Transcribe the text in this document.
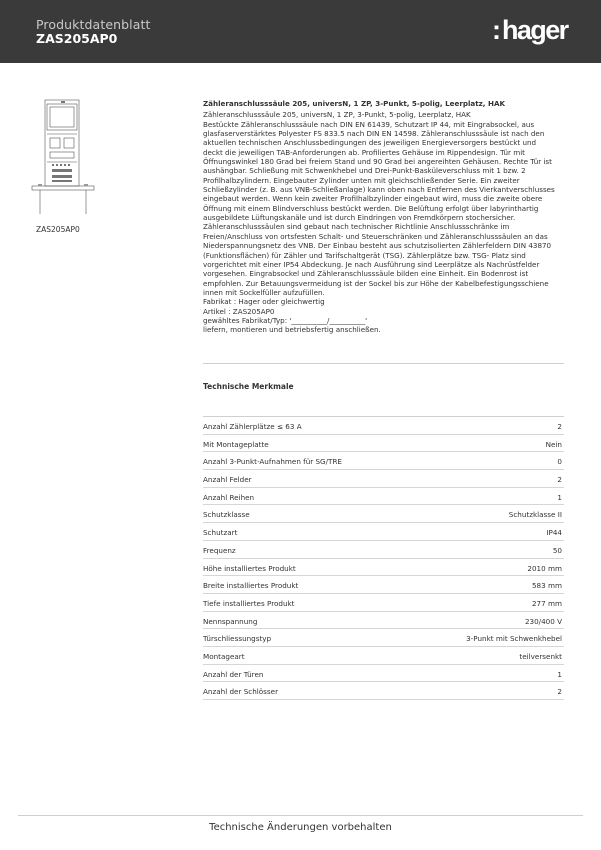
Produktdatenblatt
ZAS205AP0	:hager
ZAS205AP0
Zähleranschlusssäule 205, universN, 1 ZP, 3-Punkt, 5-polig, Leerplatz, HAK
Zähleranschlusssäule 205, universN, 1 ZP, 3-Punkt, 5-polig, Leerplatz, HAK
Bestückte Zähleranschlusssäule nach DIN EN 61439, Schutzart IP 44, mit Eingrabsockel, aus
glasfaserverstärktes Polyester FS 833.5 nach DIN EN 14598. Zähleranschlusssäule ist nach den
aktuellen technischen Anschlussbedingungen des jeweiligen Energieversorgers bestückt und
deckt die jeweiligen TAB-Anforderungen ab. Profiliertes Gehäuse im Rippendesign. Tür mit
Öffnungswinkel 180 Grad bei freiem Stand und 90 Grad bei angereihten Gehäusen. Rechte Tür ist
aushängbar. Schließung mit Schwenkhebel und Drei-Punkt-Basküleverschluss mit 1 bzw. 2
Profilhalbzylindern. Eingebauter Zylinder unten mit gleichschließender Serie. Ein zweiter
Schließzylinder (z. B. aus VNB-Schließanlage) kann oben nach Entfernen des Vierkantverschlusses
eingebaut werden. Wenn kein zweiter Profilhalbzylinder eingebaut wird, muss die zweite obere
Öffnung mit einem Blindverschluss bestückt werden. Die Belüftung erfolgt über labyrinthartig
ausgebildete Lüftungskanäle und ist durch Eindringen von Fremdkörpern stochersicher.
Zähleranschlusssäulen sind gebaut nach technischer Richtlinie Anschlussschränke im
Freien/Anschluss von ortsfesten Schalt- und Steuerschränken und Zähleranschlusssäulen an das
Niederspannungsnetz des VNB. Der Einbau besteht aus schutzisolierten Zählerfeldern DIN 43870
(Funktionsflächen) für Zähler und Tarifschaltgerät (TSG). Zählerplätze bzw. TSG- Platz sind
vorgerichtet mit einer IP54 Abdeckung. Je nach Ausführung sind Leerplätze als Nachrüstfelder
vorgesehen. Eingrabsockel und Zähleranschlusssäule bilden eine Einheit. Ein Bodenrost ist
empfohlen. Zur Betauungsvermeidung ist der Sockel bis zur Höhe der Kabelbefestigungsschiene
innen mit Sockelfüller aufzufüllen.
Fabrikat : Hager oder gleichwertig
Artikel : ZAS205AP0
gewähltes Fabrikat/Typ: '__________/__________'
liefern, montieren und betriebsfertig anschließen.
Technische Merkmale
Anzahl Zählerplätze ≤ 63 A	2
Mit Montageplatte	Nein
Anzahl 3-Punkt-Aufnahmen für SG/TRE	0
Anzahl Felder	2
Anzahl Reihen	1
Schutzklasse	Schutzklasse II
Schutzart	IP44
Frequenz	50
Höhe installiertes Produkt	2010 mm
Breite installiertes Produkt	583 mm
Tiefe installiertes Produkt	277 mm
Nennspannung	230/400 V
Türschliessungstyp	3-Punkt mit Schwenkhebel
Montageart	teilversenkt
Anzahl der Türen	1
Anzahl der Schlösser	2
Technische Änderungen vorbehalten
